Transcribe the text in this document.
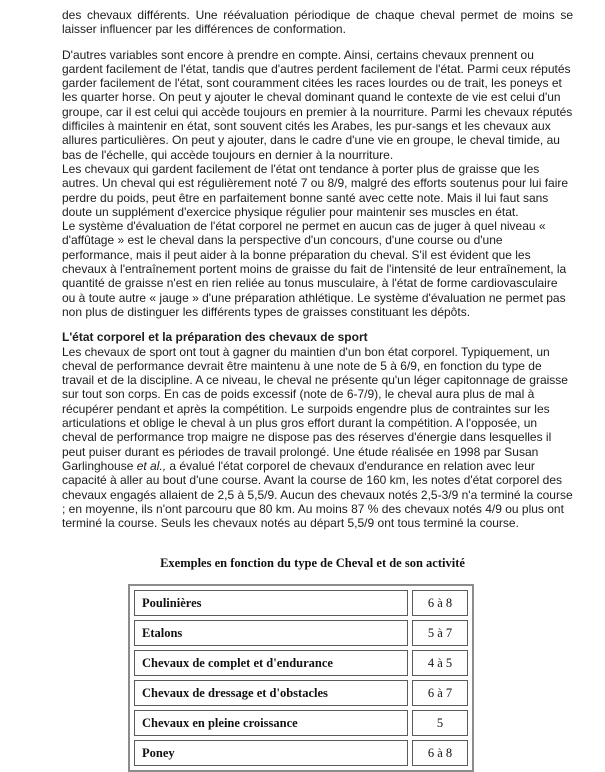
des chevaux différents. Une réévaluation périodique de chaque cheval permet de moins se laisser influencer par les différences de conformation.

D'autres variables sont encore à prendre en compte. Ainsi, certains chevaux prennent ou gardent facilement de l'état, tandis que d'autres perdent facilement de l'état. Parmi ceux réputés garder facilement de l'état, sont couramment citées les races lourdes ou de trait, les poneys et les quarter horse. On peut y ajouter le cheval dominant quand le contexte de vie est celui d'un groupe, car il est celui qui accède toujours en premier à la nourriture. Parmi les chevaux réputés difficiles à maintenir en état, sont souvent cités les Arabes, les pur-sangs et les chevaux aux allures particulières. On peut y ajouter, dans le cadre d'une vie en groupe, le cheval timide, au bas de l'échelle, qui accède toujours en dernier à la nourriture.

Les chevaux qui gardent facilement de l'état ont tendance à porter plus de graisse que les autres. Un cheval qui est régulièrement noté 7 ou 8/9, malgré des efforts soutenus pour lui faire perdre du poids, peut être en parfaitement bonne santé avec cette note. Mais il lui faut sans doute un supplément d'exercice physique régulier pour maintenir ses muscles en état.

Le système d'évaluation de l'état corporel ne permet en aucun cas de juger à quel niveau « d'affûtage » est le cheval dans la perspective d'un concours, d'une course ou d'une performance, mais il peut aider à la bonne préparation du cheval. S'il est évident que les chevaux à l'entraînement portent moins de graisse du fait de l'intensité de leur entraînement, la quantité de graisse n'est en rien reliée au tonus musculaire, à l'état de forme cardiovasculaire ou à toute autre « jauge » d'une préparation athlétique. Le système d'évaluation ne permet pas non plus de distinguer les différents types de graisses constituant les dépôts.

L'état corporel et la préparation des chevaux de sport

Les chevaux de sport ont tout à gagner du maintien d'un bon état corporel. Typiquement, un cheval de performance devrait être maintenu à une note de 5 à 6/9, en fonction du type de travail et de la discipline. A ce niveau, le cheval ne présente qu'un léger capitonnage de graisse sur tout son corps. En cas de poids excessif (note de 6-7/9), le cheval aura plus de mal à récupérer pendant et après la compétition. Le surpoids engendre plus de contraintes sur les articulations et oblige le cheval à un plus gros effort durant la compétition. A l'opposée, un cheval de performance trop maigre ne dispose pas des réserves d'énergie dans lesquelles il peut puiser durant es périodes de travail prolongé. Une étude réalisée en 1998 par Susan Garlinghouse et al., a évalué l'état corporel de chevaux d'endurance en relation avec leur capacité à aller au bout d'une course. Avant la course de 160 km, les notes d'état corporel des chevaux engagés allaient de 2,5 à 5,5/9. Aucun des chevaux notés 2,5-3/9 n'a terminé la course ; en moyenne, ils n'ont parcouru que 80 km. Au moins 87 % des chevaux notés 4/9 ou plus ont terminé la course. Seuls les chevaux notés au départ 5,5/9 ont tous terminé la course.

Exemples en fonction du type de Cheval et de son activité
Poulinières	6 à 8
Etalons	5 à 7
Chevaux de complet et d'endurance	4 à 5
Chevaux de dressage et d'obstacles	6 à 7
Chevaux en pleine croissance	5
Poney	6 à 8
